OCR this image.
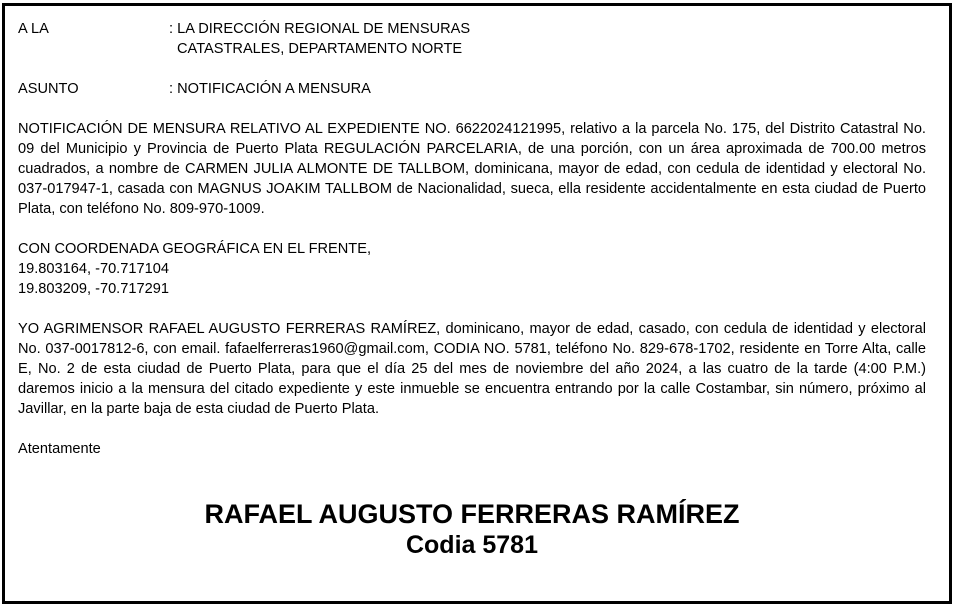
A LA	: LA DIRECCIÓN REGIONAL DE MENSURAS
CATASTRALES, DEPARTAMENTO NORTE
ASUNTO	: NOTIFICACIÓN A MENSURA

NOTIFICACIÓN DE MENSURA RELATIVO AL EXPEDIENTE NO. 6622024121995, relativo a la parcela No. 175, del Distrito Catastral No. 09 del Municipio y Provincia de Puerto Plata REGULACIÓN PARCELARIA, de una porción, con un área aproximada de 700.00 metros cuadrados, a nombre de CARMEN JULIA ALMONTE DE TALLBOM, dominicana, mayor de edad, con cedula de identidad y electoral No. 037-017947-1, casada con MAGNUS JOAKIM TALLBOM de Nacionalidad, sueca, ella residente accidentalmente en esta ciudad de Puerto Plata, con teléfono No. 809-970-1009.

CON COORDENADA GEOGRÁFICA EN EL FRENTE,
19.803164, -70.717104
19.803209, -70.717291

YO AGRIMENSOR RAFAEL AUGUSTO FERRERAS RAMÍREZ, dominicano, mayor de edad, casado, con cedula de identidad y electoral No. 037-0017812-6, con email. fafaelferreras1960@gmail.com, CODIA NO. 5781, teléfono No. 829-678-1702, residente en Torre Alta, calle E, No. 2 de esta ciudad de Puerto Plata, para que el día 25 del mes de noviembre del año 2024, a las cuatro de la tarde (4:00 P.M.) daremos inicio a la mensura del citado expediente y este inmueble se encuentra entrando por la calle Costambar, sin número, próximo al Javillar, en la parte baja de esta ciudad de Puerto Plata.

Atentamente
RAFAEL AUGUSTO FERRERAS RAMÍREZ
Codia 5781
